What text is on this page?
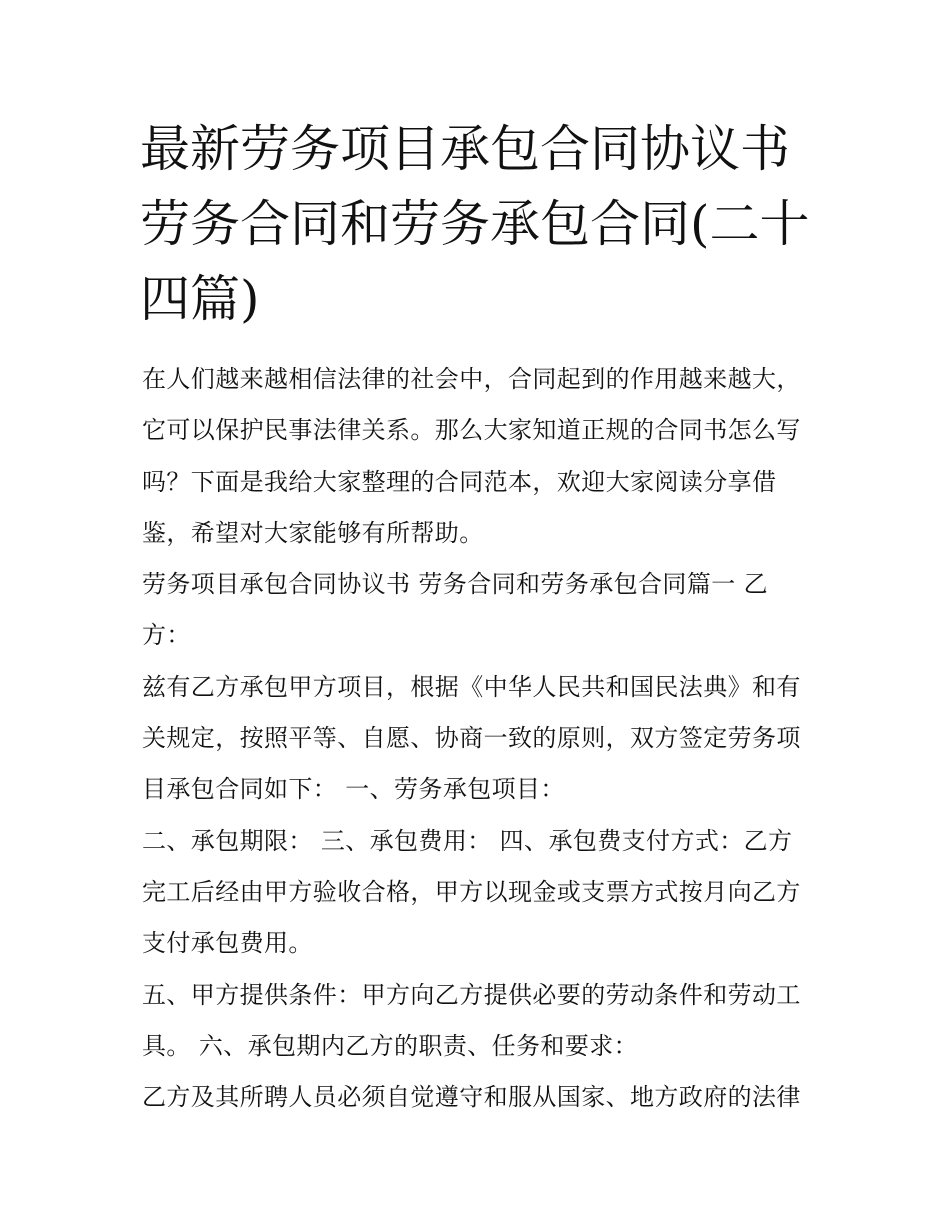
最新劳务项目承包合同协议书
劳务合同和劳务承包合同(二十
四篇)

在人们越来越相信法律的社会中，合同起到的作用越来越大，
它可以保护民事法律关系。那么大家知道正规的合同书怎么写
吗？下面是我给大家整理的合同范本，欢迎大家阅读分享借
鉴，希望对大家能够有所帮助。

劳务项目承包合同协议书 劳务合同和劳务承包合同篇一 乙
方：

兹有乙方承包甲方项目，根据《中华人民共和国民法典》和有
关规定，按照平等、自愿、协商一致的原则，双方签定劳务项
目承包合同如下： 一、劳务承包项目：

二、承包期限： 三、承包费用： 四、承包费支付方式：乙方
完工后经由甲方验收合格，甲方以现金或支票方式按月向乙方
支付承包费用。

五、甲方提供条件：甲方向乙方提供必要的劳动条件和劳动工
具。 六、承包期内乙方的职责、任务和要求：

乙方及其所聘人员必须自觉遵守和服从国家、地方政府的法律
